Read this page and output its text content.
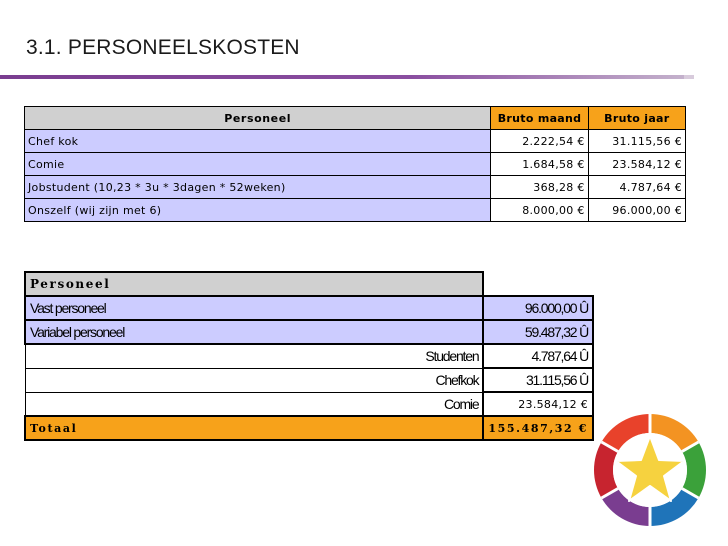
3.1. PERSONEELSKOSTEN
Personeel	Bruto maand	Bruto jaar
Chef kok	2.222,54 €	31.115,56 €
Comie	1.684,58 €	23.584,12 €
Jobstudent (10,23 * 3u * 3dagen * 52weken)	368,28 €	4.787,64 €
Onszelf (wij zijn met 6)	8.000,00 €	96.000,00 €
Personeel	
Vast personeel	96.000,00 Û
Variabel personeel	59.487,32 Û
Studenten	4.787,64 Û
Chefkok	31.115,56 Û
Comie	23.584,12 €
Totaal	155.487,32 €
